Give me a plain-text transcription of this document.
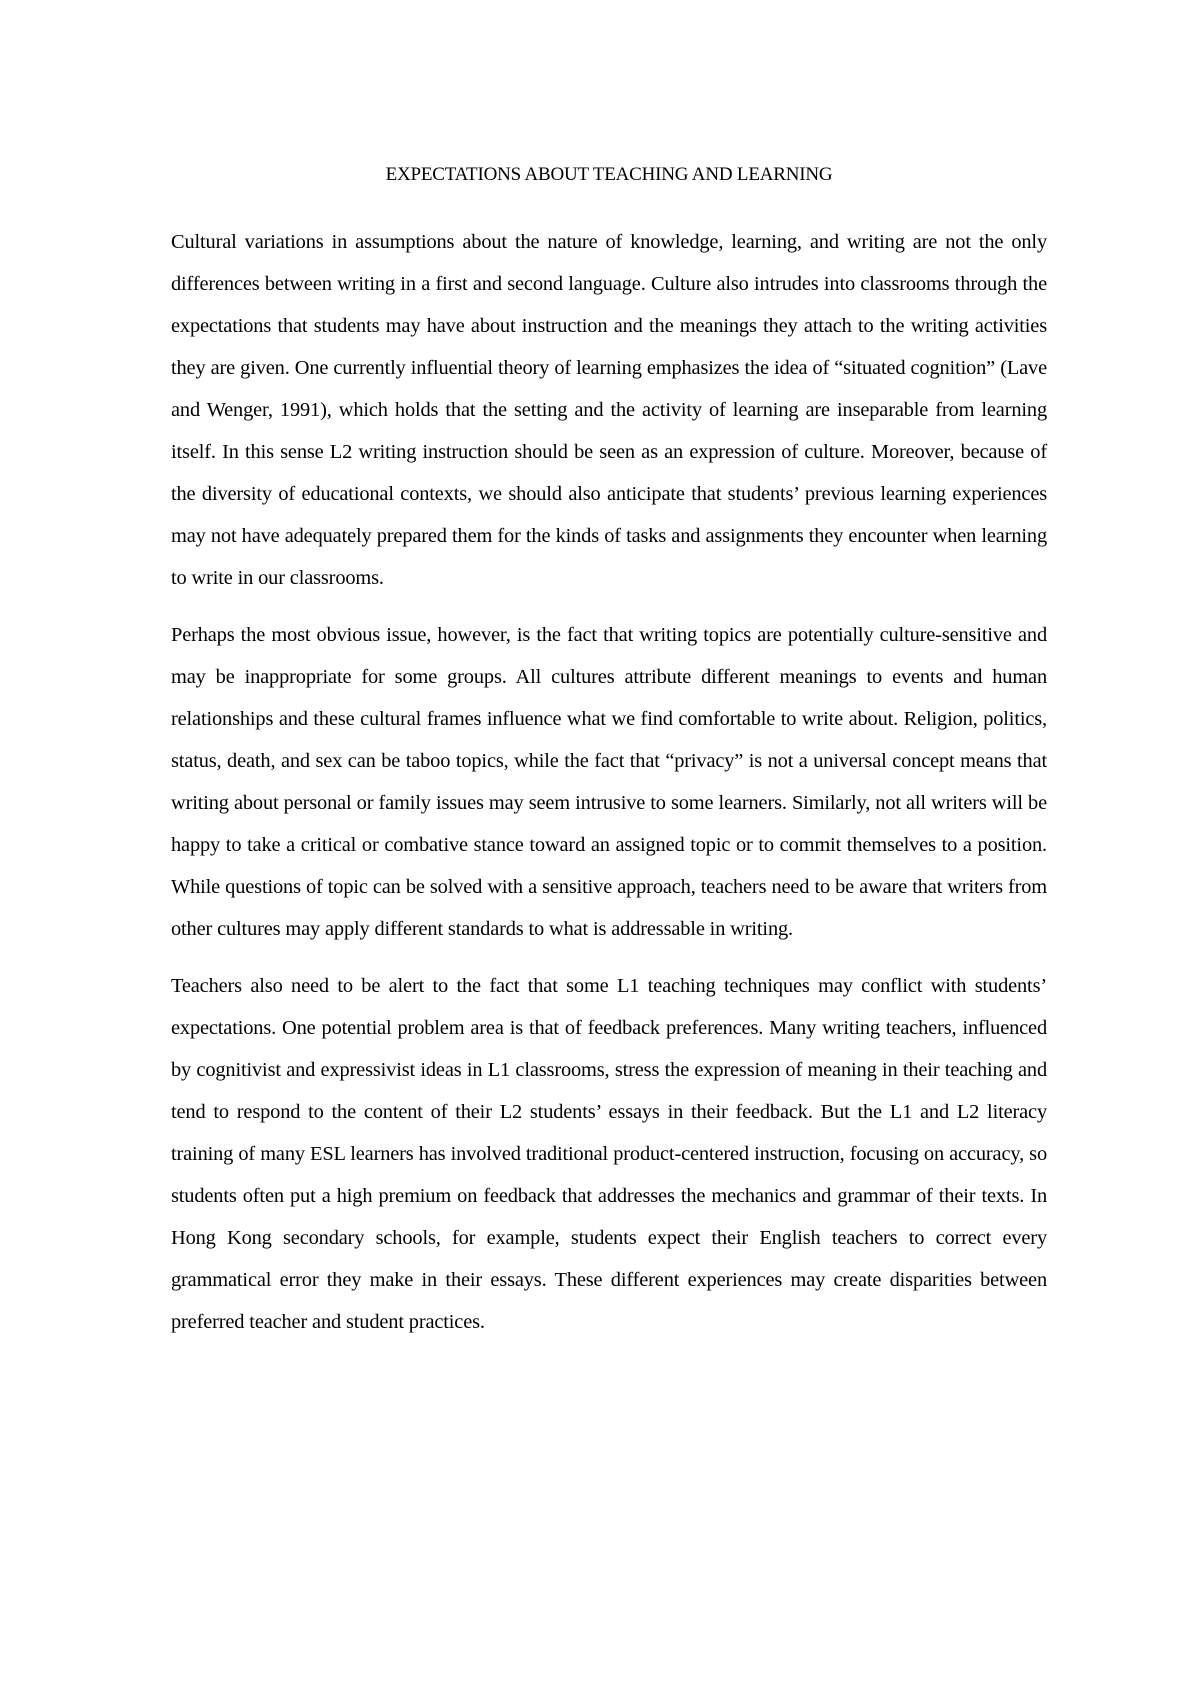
EXPECTATIONS ABOUT TEACHING AND LEARNING

Cultural variations in assumptions about the nature of knowledge, learning, and writing are not the only differences between writing in a first and second language. Culture also intrudes into classrooms through the expectations that students may have about instruction and the meanings they attach to the writing activities they are given. One currently influential theory of learning emphasizes the idea of “situated cognition” (Lave and Wenger, 1991), which holds that the setting and the activity of learning are inseparable from learning itself. In this sense L2 writing instruction should be seen as an expression of culture. Moreover, because of the diversity of educational contexts, we should also anticipate that students’ previous learning experiences may not have adequately prepared them for the kinds of tasks and assignments they encounter when learning to write in our classrooms.

Perhaps the most obvious issue, however, is the fact that writing topics are potentially culture-sensitive and may be inappropriate for some groups. All cultures attribute different meanings to events and human relationships and these cultural frames influence what we find comfortable to write about. Religion, politics, status, death, and sex can be taboo topics, while the fact that “privacy” is not a universal concept means that writing about personal or family issues may seem intrusive to some learners. Similarly, not all writers will be happy to take a critical or combative stance toward an assigned topic or to commit themselves to a position. While questions of topic can be solved with a sensitive approach, teachers need to be aware that writers from other cultures may apply different standards to what is addressable in writing.

Teachers also need to be alert to the fact that some L1 teaching techniques may conflict with students’ expectations. One potential problem area is that of feedback preferences. Many writing teachers, influenced by cognitivist and expressivist ideas in L1 classrooms, stress the expression of meaning in their teaching and tend to respond to the content of their L2 students’ essays in their feedback. But the L1 and L2 literacy training of many ESL learners has involved traditional product-centered instruction, focusing on accuracy, so students often put a high premium on feedback that addresses the mechanics and grammar of their texts. In Hong Kong secondary schools, for example, students expect their English teachers to correct every grammatical error they make in their essays. These different experiences may create disparities between preferred teacher and student practices.
